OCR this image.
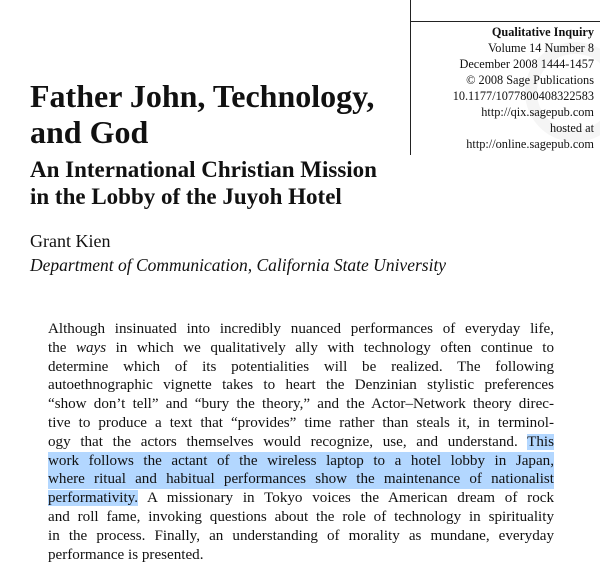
Qualitative Inquiry
Volume 14 Number 8
December 2008 1444-1457
© 2008 Sage Publications
10.1177/1077800408322583
http://qix.sagepub.com
hosted at
http://online.sagepub.com
Father John, Technology,
and God
An International Christian Mission
in the Lobby of the Juyoh Hotel
Grant Kien
Department of Communication, California State University
Although insinuated into incredibly nuanced performances of everyday life,
the ways in which we qualitatively ally with technology often continue to
determine which of its potentialities will be realized. The following
autoethnographic vignette takes to heart the Denzinian stylistic preferences
“show don’t tell” and “bury the theory,” and the Actor–Network theory direc-
tive to produce a text that “provides” time rather than steals it, in terminol-
ogy that the actors themselves would recognize, use, and understand. This
work follows the actant of the wireless laptop to a hotel lobby in Japan,
where ritual and habitual performances show the maintenance of nationalist
performativity. A missionary in Tokyo voices the American dream of rock
and roll fame, invoking questions about the role of technology in spirituality
in the process. Finally, an understanding of morality as mundane, everyday
performance is presented.
